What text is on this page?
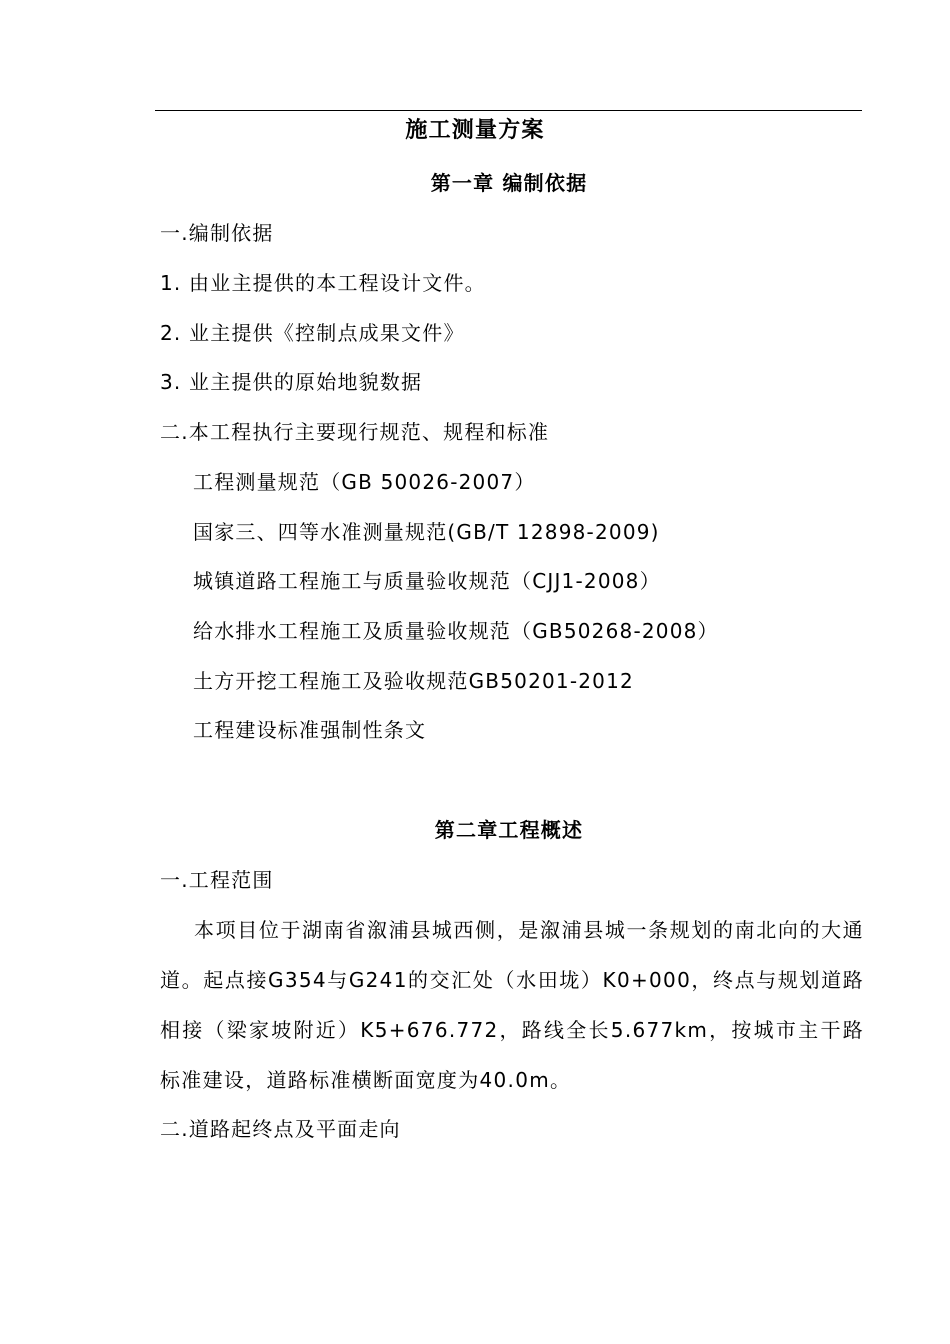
施工测量方案
第一章 编制依据
一.编制依据
1. 由业主提供的本工程设计文件。
2. 业主提供《控制点成果文件》
3. 业主提供的原始地貌数据
二.本工程执行主要现行规范、规程和标准
工程测量规范（GB 50026-2007）
国家三、四等水准测量规范(GB/T 12898-2009)
城镇道路工程施工与质量验收规范（CJJ1-2008）
给水排水工程施工及质量验收规范（GB50268-2008）
土方开挖工程施工及验收规范GB50201-2012
工程建设标准强制性条文
第二章工程概述
一.工程范围
本项目位于湖南省溆浦县城西侧，是溆浦县城一条规划的南北向的大通道。起点接G354与G241的交汇处（水田垅）K0+000，终点与规划道路相接（梁家坡附近）K5+676.772，路线全长5.677km，按城市主干路标准建设，道路标准横断面宽度为40.0m。
二.道路起终点及平面走向
